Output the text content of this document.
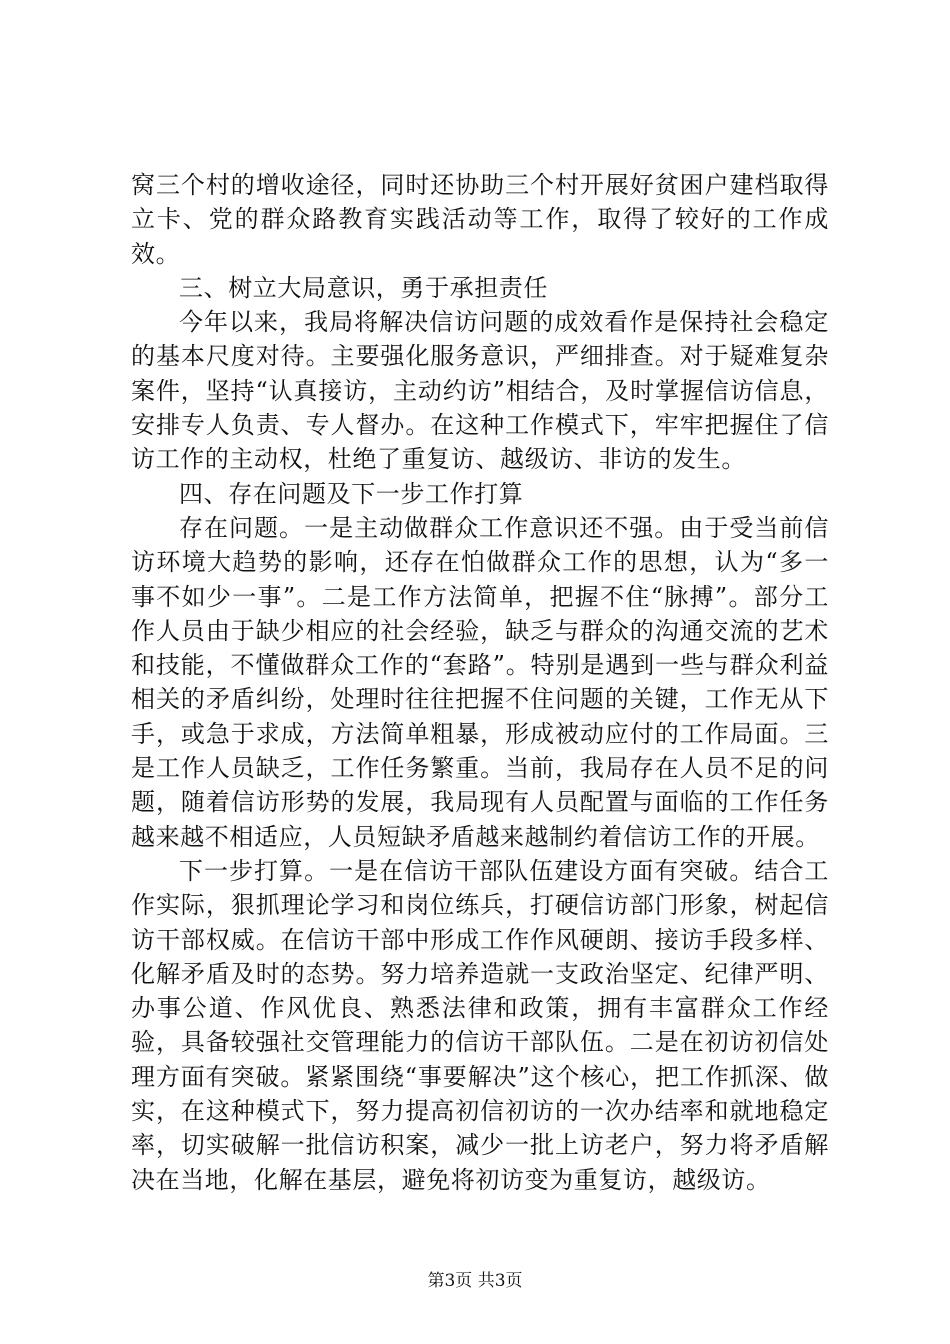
窝三个村的增收途径，同时还协助三个村开展好贫困户建档取得立卡、党的群众路教育实践活动等工作，取得了较好的工作成效。

三、树立大局意识，勇于承担责任

今年以来，我局将解决信访问题的成效看作是保持社会稳定的基本尺度对待。主要强化服务意识，严细排查。对于疑难复杂案件，坚持“认真接访，主动约访”相结合，及时掌握信访信息，安排专人负责、专人督办。在这种工作模式下，牢牢把握住了信访工作的主动权，杜绝了重复访、越级访、非访的发生。

四、存在问题及下一步工作打算

存在问题。一是主动做群众工作意识还不强。由于受当前信访环境大趋势的影响，还存在怕做群众工作的思想，认为“多一事不如少一事”。二是工作方法简单，把握不住“脉搏”。部分工作人员由于缺少相应的社会经验，缺乏与群众的沟通交流的艺术和技能，不懂做群众工作的“套路”。特别是遇到一些与群众利益相关的矛盾纠纷，处理时往往把握不住问题的关键，工作无从下手，或急于求成，方法简单粗暴，形成被动应付的工作局面。三是工作人员缺乏，工作任务繁重。当前，我局存在人员不足的问题，随着信访形势的发展，我局现有人员配置与面临的工作任务越来越不相适应，人员短缺矛盾越来越制约着信访工作的开展。

下一步打算。一是在信访干部队伍建设方面有突破。结合工作实际，狠抓理论学习和岗位练兵，打硬信访部门形象，树起信访干部权威。在信访干部中形成工作作风硬朗、接访手段多样、化解矛盾及时的态势。努力培养造就一支政治坚定、纪律严明、办事公道、作风优良、熟悉法律和政策，拥有丰富群众工作经验，具备较强社交管理能力的信访干部队伍。二是在初访初信处理方面有突破。紧紧围绕“事要解决”这个核心，把工作抓深、做实，在这种模式下，努力提高初信初访的一次办结率和就地稳定率，切实破解一批信访积案，减少一批上访老户，努力将矛盾解决在当地，化解在基层，避免将初访变为重复访，越级访。

第3页 共3页
